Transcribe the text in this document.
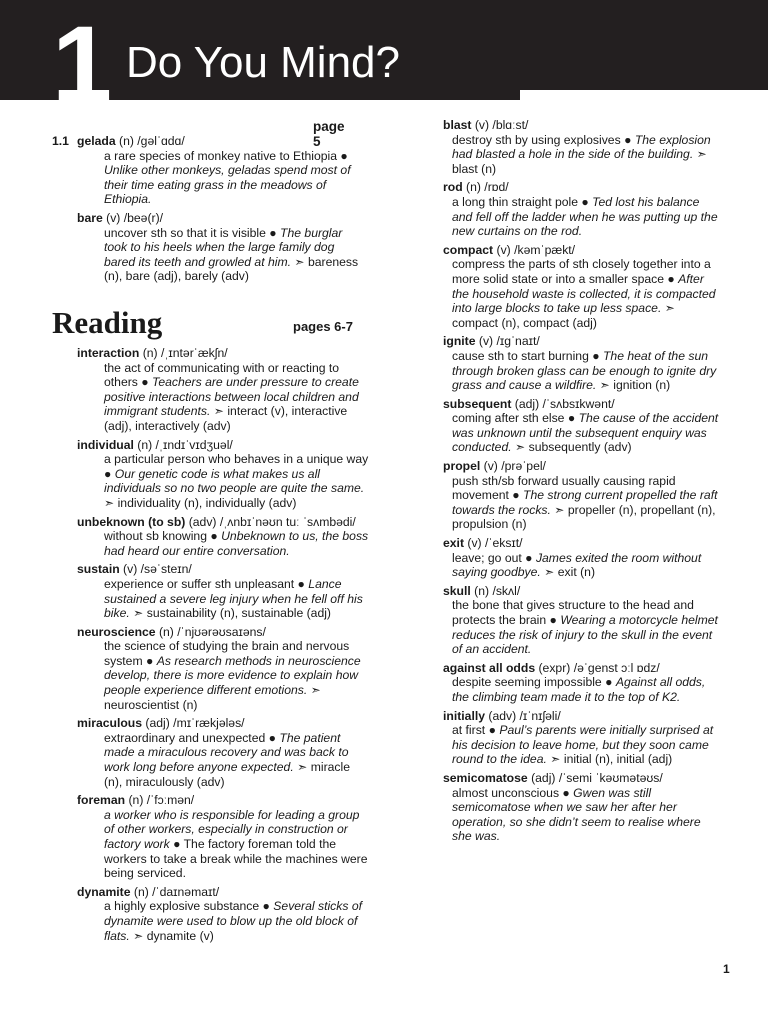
1 Do You Mind?
page
5
1.1 gelada (n) /ɡəlˈɑdɑ/
a rare species of monkey native to Ethiopia ● Unlike other monkeys, geladas spend most of their time eating grass in the meadows of Ethiopia.
bare (v) /beə(r)/
uncover sth so that it is visible ● The burglar took to his heels when the large family dog bared its teeth and growled at him. ➣ bareness (n), bare (adj), barely (adv)
Reading	pages 6-7
interaction (n) /ˌɪntərˈækʃn/
the act of communicating with or reacting to others ● Teachers are under pressure to create positive interactions between local children and immigrant students. ➣ interact (v), interactive (adj), interactively (adv)
individual (n) /ˌɪndɪˈvɪdʒuəl/
a particular person who behaves in a unique way ● Our genetic code is what makes us all individuals so no two people are quite the same. ➣ individuality (n), individually (adv)
unbeknown (to sb) (adv) /ˌʌnbɪˈnəʊn tuː ˈsʌmbədi/
without sb knowing ● Unbeknown to us, the boss had heard our entire conversation.
sustain (v) /səˈsteɪn/
experience or suffer sth unpleasant ● Lance sustained a severe leg injury when he fell off his bike. ➣ sustainability (n), sustainable (adj)
neuroscience (n) /ˈnjʊərəʊsaɪəns/
the science of studying the brain and nervous system ● As research methods in neuroscience develop, there is more evidence to explain how people experience different emotions. ➣ neuroscientist (n)
miraculous (adj) /mɪˈrækjələs/
extraordinary and unexpected ● The patient made a miraculous recovery and was back to work long before anyone expected. ➣ miracle (n), miraculously (adv)
foreman (n) /ˈfɔːmən/
a worker who is responsible for leading a group of other workers, especially in construction or factory work ● The factory foreman told the workers to take a break while the machines were being serviced.
dynamite (n) /ˈdaɪnəmaɪt/
a highly explosive substance ● Several sticks of dynamite were used to blow up the old block of flats. ➣ dynamite (v)
blast (v) /blɑːst/
destroy sth by using explosives ● The explosion had blasted a hole in the side of the building. ➣ blast (n)
rod (n) /rɒd/
a long thin straight pole ● Ted lost his balance and fell off the ladder when he was putting up the new curtains on the rod.
compact (v) /kəmˈpækt/
compress the parts of sth closely together into a more solid state or into a smaller space ● After the household waste is collected, it is compacted into large blocks to take up less space. ➣ compact (n), compact (adj)
ignite (v) /ɪɡˈnaɪt/
cause sth to start burning ● The heat of the sun through broken glass can be enough to ignite dry grass and cause a wildfire. ➣ ignition (n)
subsequent (adj) /ˈsʌbsɪkwənt/
coming after sth else ● The cause of the accident was unknown until the subsequent enquiry was conducted. ➣ subsequently (adv)
propel (v) /prəˈpel/
push sth/sb forward usually causing rapid movement ● The strong current propelled the raft towards the rocks. ➣ propeller (n), propellant (n), propulsion (n)
exit (v) /ˈeksɪt/
leave; go out ● James exited the room without saying goodbye. ➣ exit (n)
skull (n) /skʌl/
the bone that gives structure to the head and protects the brain ● Wearing a motorcycle helmet reduces the risk of injury to the skull in the event of an accident.
against all odds (expr) /əˈɡenst ɔːl ɒdz/
despite seeming impossible ● Against all odds, the climbing team made it to the top of K2.
initially (adv) /ɪˈnɪʃəli/
at first ● Paul’s parents were initially surprised at his decision to leave home, but they soon came round to the idea. ➣ initial (n), initial (adj)
semicomatose (adj) /ˈsemi ˈkəʊmətəʊs/
almost unconscious ● Gwen was still semicomatose when we saw her after her operation, so she didn’t seem to realise where she was.
1
